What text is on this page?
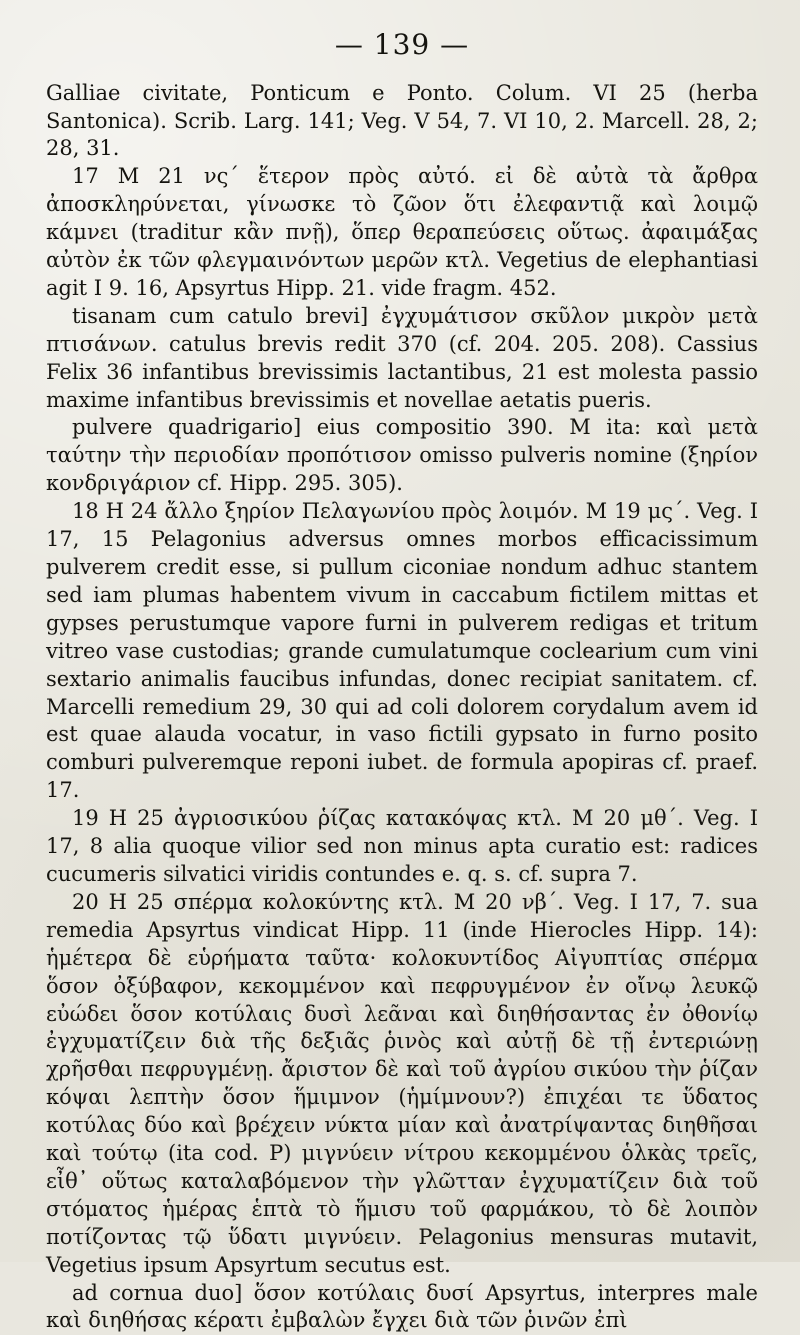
— 139 —

Galliae civitate, Ponticum e Ponto. Colum. VI 25 (herba Santonica). Scrib. Larg. 141; Veg. V 54, 7. VI 10, 2. Marcell. 28, 2; 28, 31.

17 M 21 νς´ ἕτερον πρὸς αὐτό. εἰ δὲ αὐτὰ τὰ ἄρθρα ἀποσκληρύνεται, γίνωσκε τὸ ζῶον ὅτι ἐλεφαντιᾷ καὶ λοιμῷ κάμνει (traditur κἂν πνῇ), ὅπερ θεραπεύσεις οὕτως. ἀφαιμάξας αὐτὸν ἐκ τῶν φλεγμαινόντων μερῶν κτλ. Vegetius de elephantiasi agit I 9. 16, Apsyrtus Hipp. 21. vide fragm. 452.

tisanam cum catulo brevi] ἐγχυμάτισον σκῦλον μικρὸν μετὰ πτισάνων. catulus brevis redit 370 (cf. 204. 205. 208). Cassius Felix 36 infantibus brevissimis lactantibus, 21 est molesta passio maxime infantibus brevissimis et novellae aetatis pueris.

pulvere quadrigario] eius compositio 390. M ita: καὶ μετὰ ταύτην τὴν περιοδίαν προπότισον omisso pulveris nomine (ξηρίον κονδριγάριον cf. Hipp. 295. 305).

18 H 24 ἄλλο ξηρίον Πελαγωνίου πρὸς λοιμόν. M 19 μς´. Veg. I 17, 15 Pelagonius adversus omnes morbos efficacissimum pulverem credit esse, si pullum ciconiae nondum adhuc stantem sed iam plumas habentem vivum in caccabum fictilem mittas et gypses perustumque vapore furni in pulverem redigas et tritum vitreo vase custodias; grande cumulatumque coclearium cum vini sextario animalis faucibus infundas, donec recipiat sanitatem. cf. Marcelli remedium 29, 30 qui ad coli dolorem corydalum avem id est quae alauda vocatur, in vaso fictili gypsato in furno posito comburi pulveremque reponi iubet. de formula apopiras cf. praef. 17.

19 H 25 ἀγριοσικύου ῥίζας κατακόψας κτλ. M 20 μθ´. Veg. I 17, 8 alia quoque vilior sed non minus apta curatio est: radices cucumeris silvatici viridis contundes e. q. s. cf. supra 7.

20 H 25 σπέρμα κολοκύντης κτλ. M 20 νβ´. Veg. I 17, 7. sua remedia Apsyrtus vindicat Hipp. 11 (inde Hierocles Hipp. 14): ἡμέτερα δὲ εὑρήματα ταῦτα· κολοκυντίδος Αἰγυπτίας σπέρμα ὅσον ὀξύβαφον, κεκομμένον καὶ πεφρυγμένον ἐν οἴνῳ λευκῷ εὐώδει ὅσον κοτύλαις δυσὶ λεᾶναι καὶ διηθήσαντας ἐν ὀθονίῳ ἐγχυματίζειν διὰ τῆς δεξιᾶς ῥινὸς καὶ αὐτῇ δὲ τῇ ἐντεριώνῃ χρῆσθαι πεφρυγμένῃ. ἄριστον δὲ καὶ τοῦ ἀγρίου σικύου τὴν ῥίζαν κόψαι λεπτὴν ὅσον ἥμιμνον (ἡμίμνουν?) ἐπιχέαι τε ὕδατος κοτύλας δύο καὶ βρέχειν νύκτα μίαν καὶ ἀνατρίψαντας διηθῆσαι καὶ τούτῳ (ita cod. P) μιγνύειν νίτρου κεκομμένου ὁλκὰς τρεῖς, εἶθ᾽ οὕτως καταλαβόμενον τὴν γλῶτταν ἐγχυματίζειν διὰ τοῦ στόματος ἡμέρας ἑπτὰ τὸ ἥμισυ τοῦ φαρμάκου, τὸ δὲ λοιπὸν ποτίζοντας τῷ ὕδατι μιγνύειν. Pelagonius mensuras mutavit, Vegetius ipsum Apsyrtum secutus est.

ad cornua duo] ὅσον κοτύλαις δυσί Apsyrtus, interpres male καὶ διηθήσας κέρατι ἐμβαλὼν ἔγχει διὰ τῶν ῥινῶν ἐπὶ
